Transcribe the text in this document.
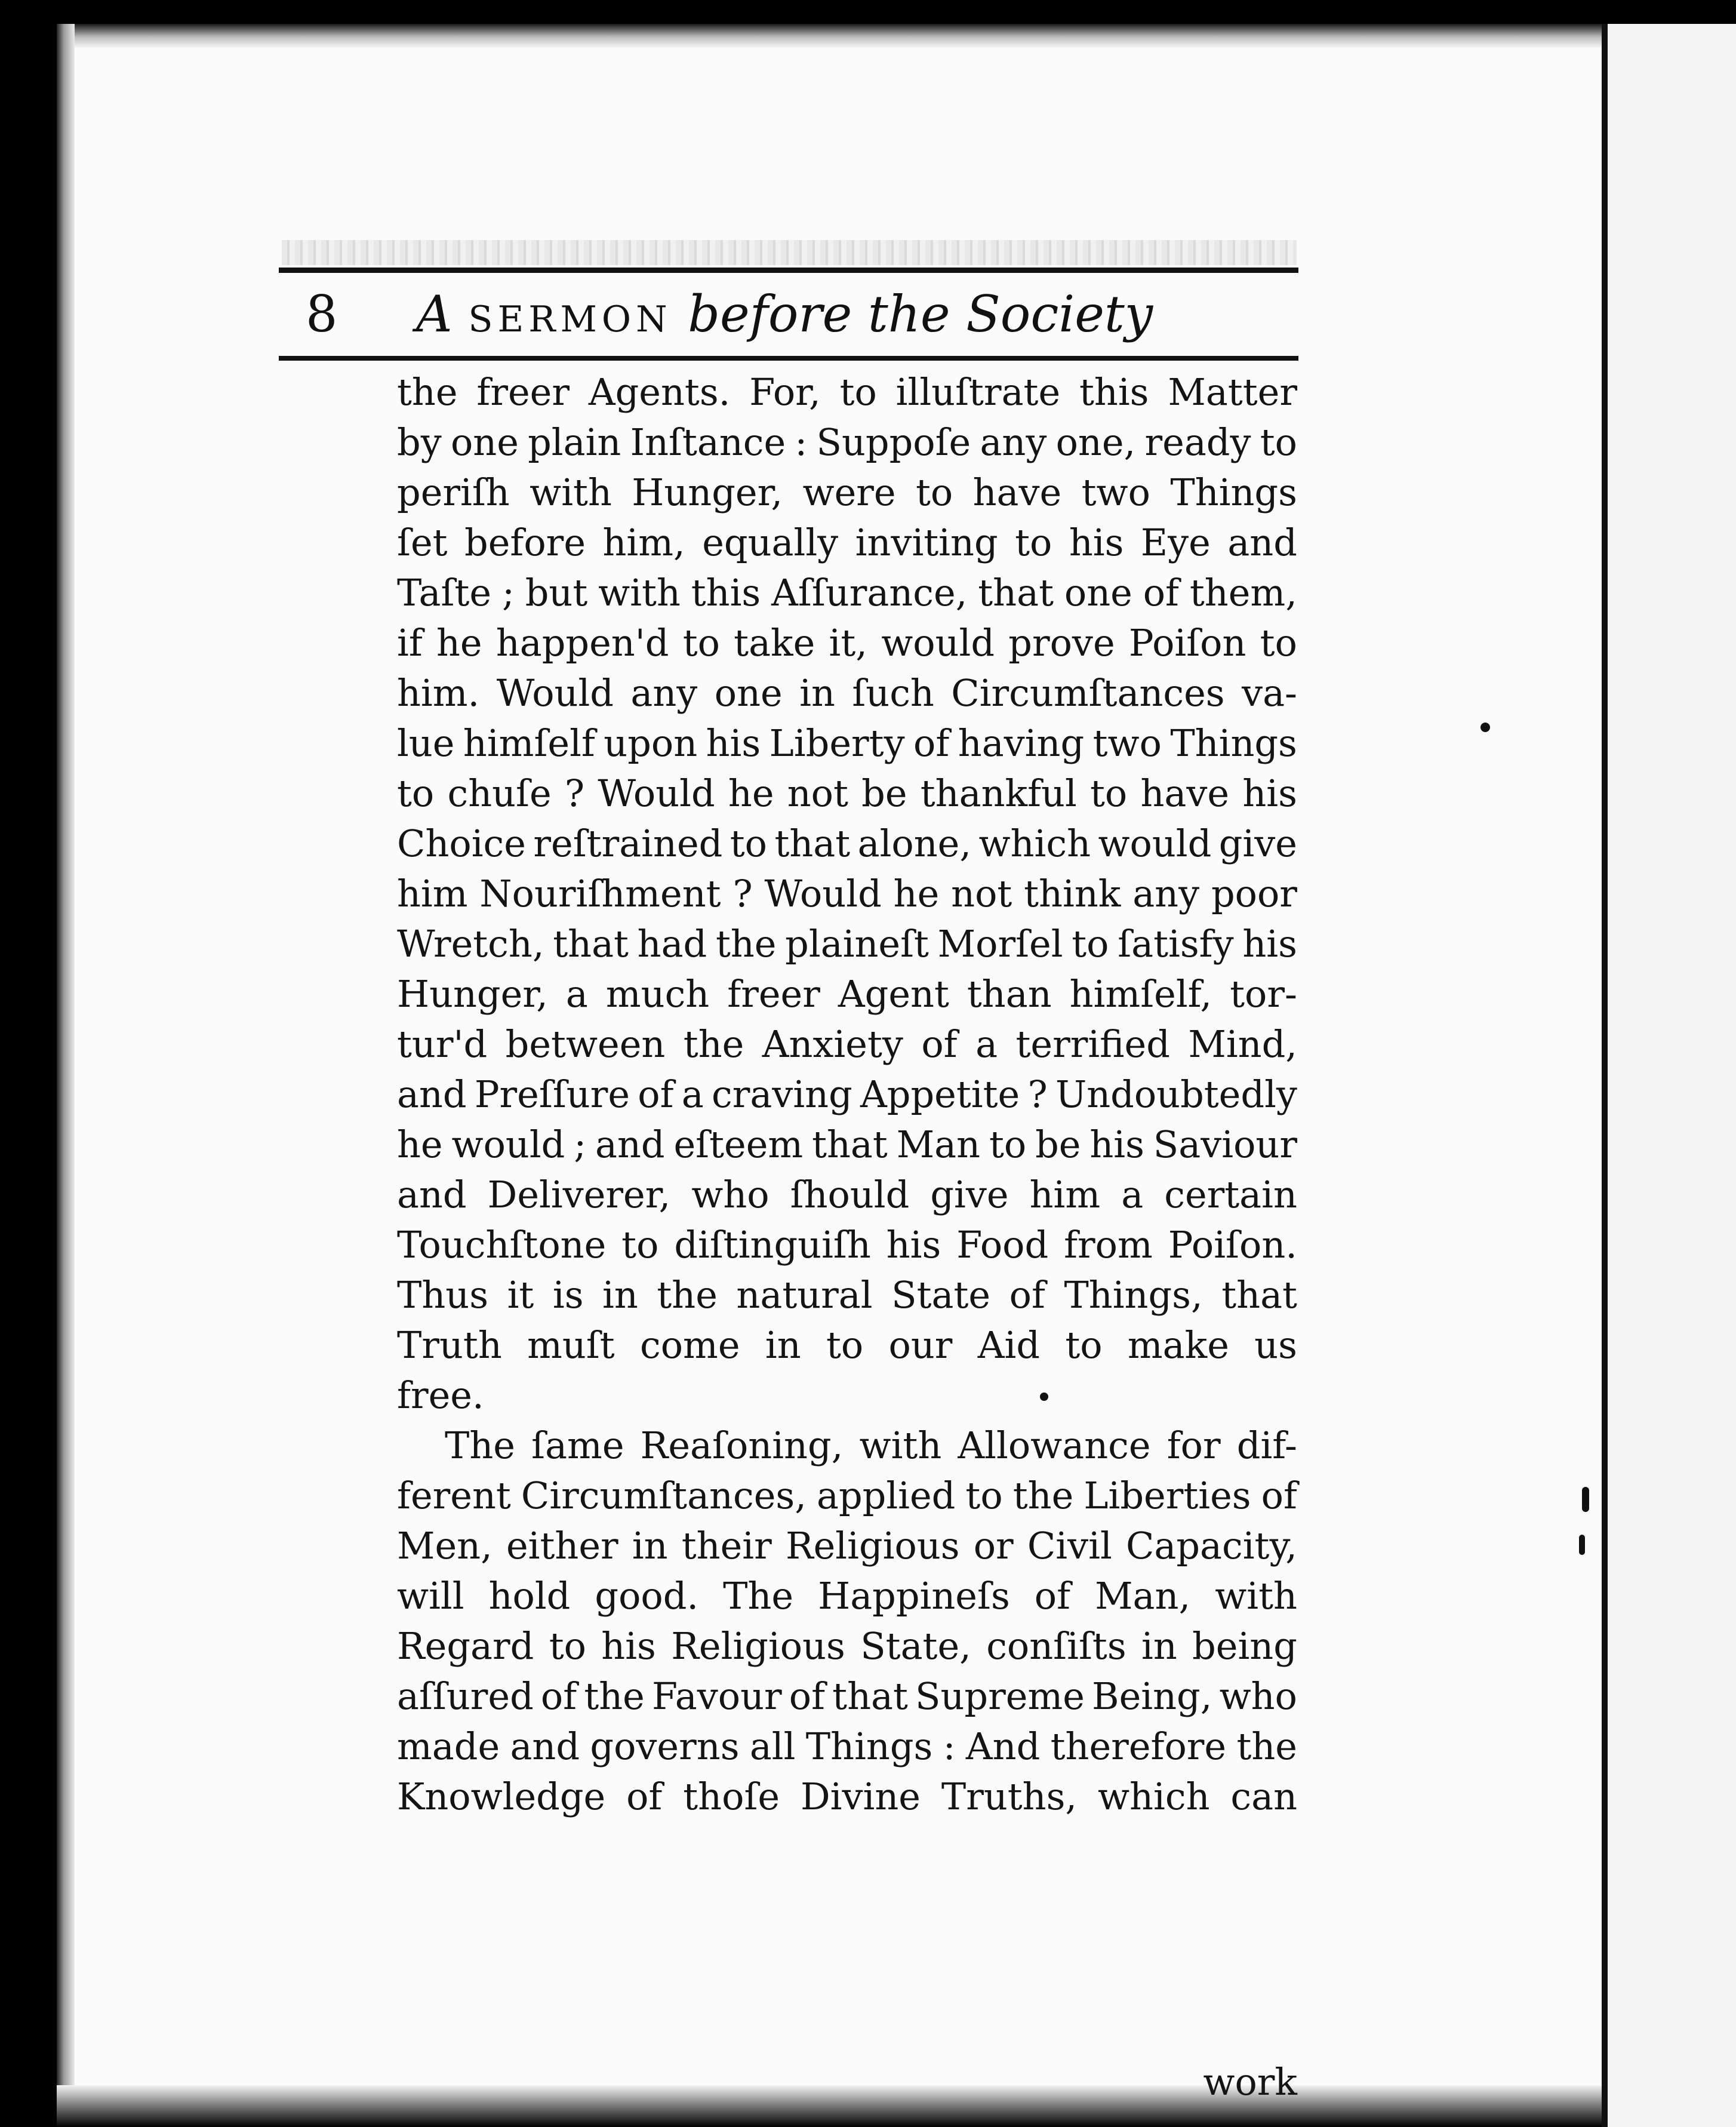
8 A SERMON before the Society
the freer Agents. For, to illuſtrate this Matter
by one plain Inſtance : Suppoſe any one, ready to
periſh with Hunger, were to have two Things
ſet before him, equally inviting to his Eye and
Taſte ; but with this Aſſurance, that one of them,
if he happen'd to take it, would prove Poiſon to
him. Would any one in ſuch Circumſtances va-
lue himſelf upon his Liberty of having two Things
to chuſe ? Would he not be thankful to have his
Choice reſtrained to that alone, which would give
him Nouriſhment ? Would he not think any poor
Wretch, that had the plaineſt Morſel to ſatisfy his
Hunger, a much freer Agent than himſelf, tor-
tur'd between the Anxiety of a terrified Mind,
and Preſſure of a craving Appetite ? Undoubtedly
he would ; and eſteem that Man to be his Saviour
and Deliverer, who ſhould give him a certain
Touchſtone to diſtinguiſh his Food from Poiſon.
Thus it is in the natural State of Things, that
Truth muſt come in to our Aid to make us
free.
The ſame Reaſoning, with Allowance for dif-
ferent Circumſtances, applied to the Liberties of
Men, either in their Religious or Civil Capacity,
will hold good. The Happineſs of Man, with
Regard to his Religious State, conſiſts in being
aſſured of the Favour of that Supreme Being, who
made and governs all Things : And therefore the
Knowledge of thoſe Divine Truths, which can
work
